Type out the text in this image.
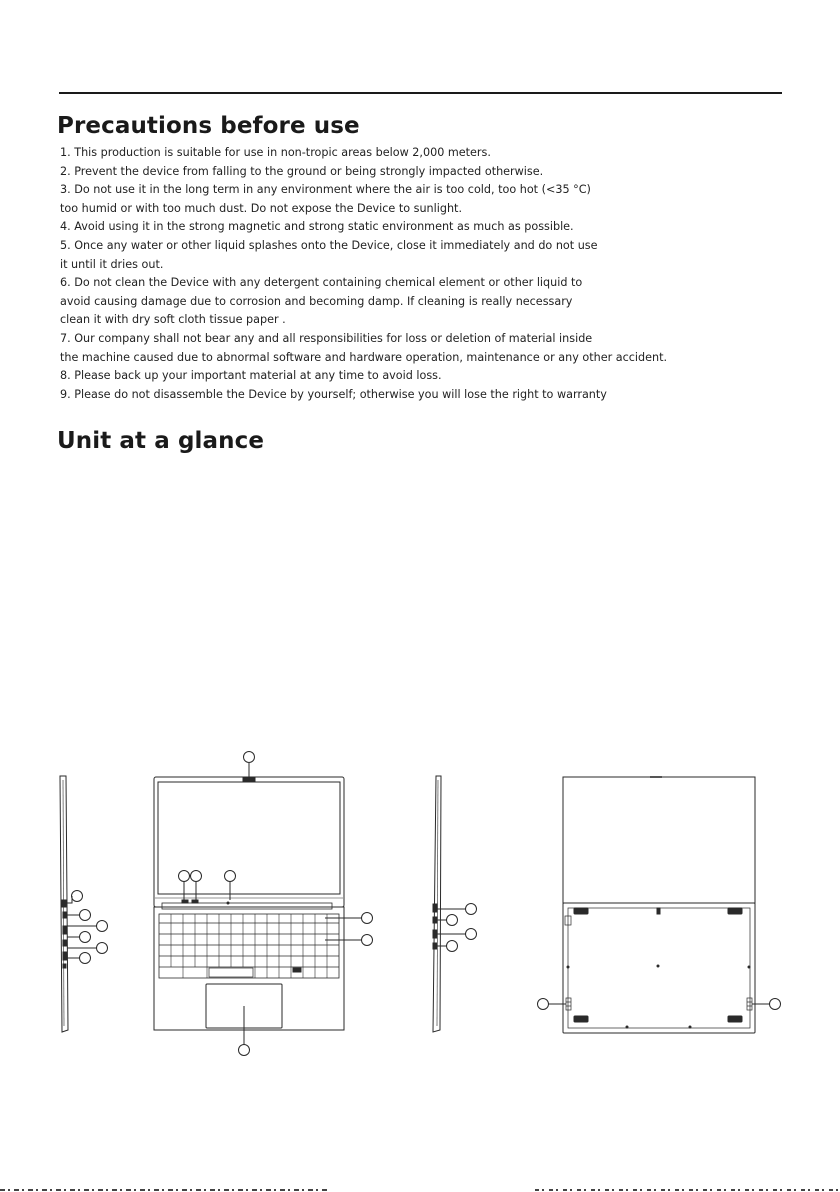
Precautions before use

1. This production is suitable for use in non-tropic areas below 2,000 meters.

2. Prevent the device from falling to the ground or being strongly impacted otherwise.

3. Do not use it in the long term in any environment where the air is too cold, too hot (<35 °C)

too humid or with too much dust. Do not expose the Device to sunlight.

4. Avoid using it in the strong magnetic and strong static environment as much as possible.

5. Once any water or other liquid splashes onto the Device, close it immediately and do not use

it until it dries out.

6. Do not clean the Device with any detergent containing chemical element or other liquid to

avoid causing damage due to corrosion and becoming damp. If cleaning is really necessary

clean it with dry soft cloth tissue paper .

7. Our company shall not bear any and all responsibilities for loss or deletion of material inside

the machine caused due to abnormal software and hardware operation, maintenance or any other accident.

8. Please back up your important material at any time to avoid loss.

9. Please do not disassemble the Device by yourself; otherwise you will lose the right to warranty

Unit at a glance
